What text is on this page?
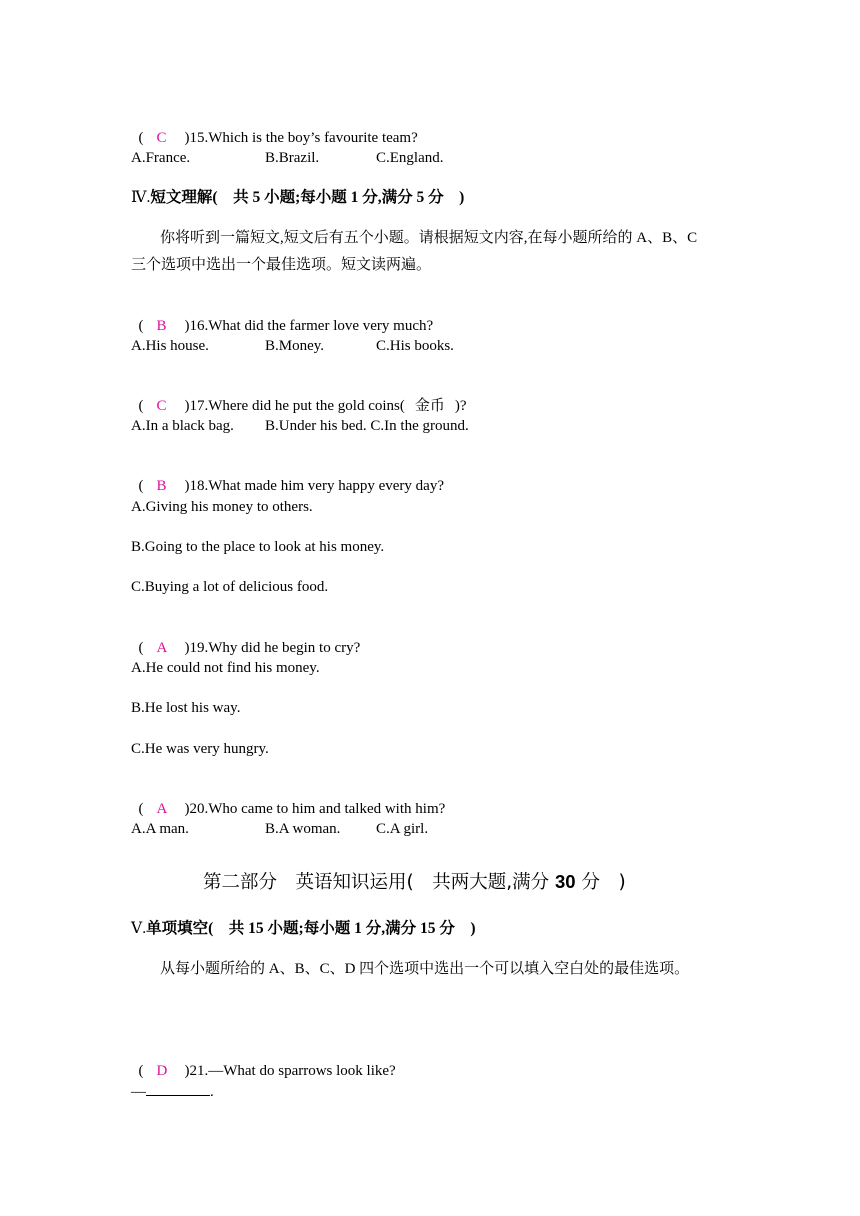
( C	)15.Which is the boy’s favourite team?

A.France.

	B.Brazil.

	C.England.

Ⅳ.短文理解(　 共 5 小题;每小题 1 分,满分 5 分　)
你将听到一篇短文,短文后有五个小题。请根据短文内容,在每小题所给的 A、B、C
三个选项中选出一个最佳选项。短文读两遍。

( B	)16.What did the farmer love very much?

A.His house.

	B.Money.

	C.His books.

( C	)17.Where did he put the gold coins( 金币 )?

A.In a black bag.

B.Under his bed. C.In the ground.

( B	)18.What made him very happy every day?

A.Giving his money to others.
B.Going to the place to look at his money.
C.Buying a lot of delicious food.

( A	)19.Why did he begin to cry?

A.He could not find his money.
B.He lost his way.
C.He was very hungry.

( A	)20.Who came to him and talked with him?

A.A man.

	B.A woman.

C.A girl.

第二部分　英语知识运用(　共两大题,满分 30 分　)
Ⅴ.单项填空(　 共 15 小题;每小题 1 分,满分 15 分　)
从每小题所给的 A、B、C、D 四个选项中选出一个可以填入空白处的最佳选项。

( D	)21.—What do sparrows look like?

—	.
